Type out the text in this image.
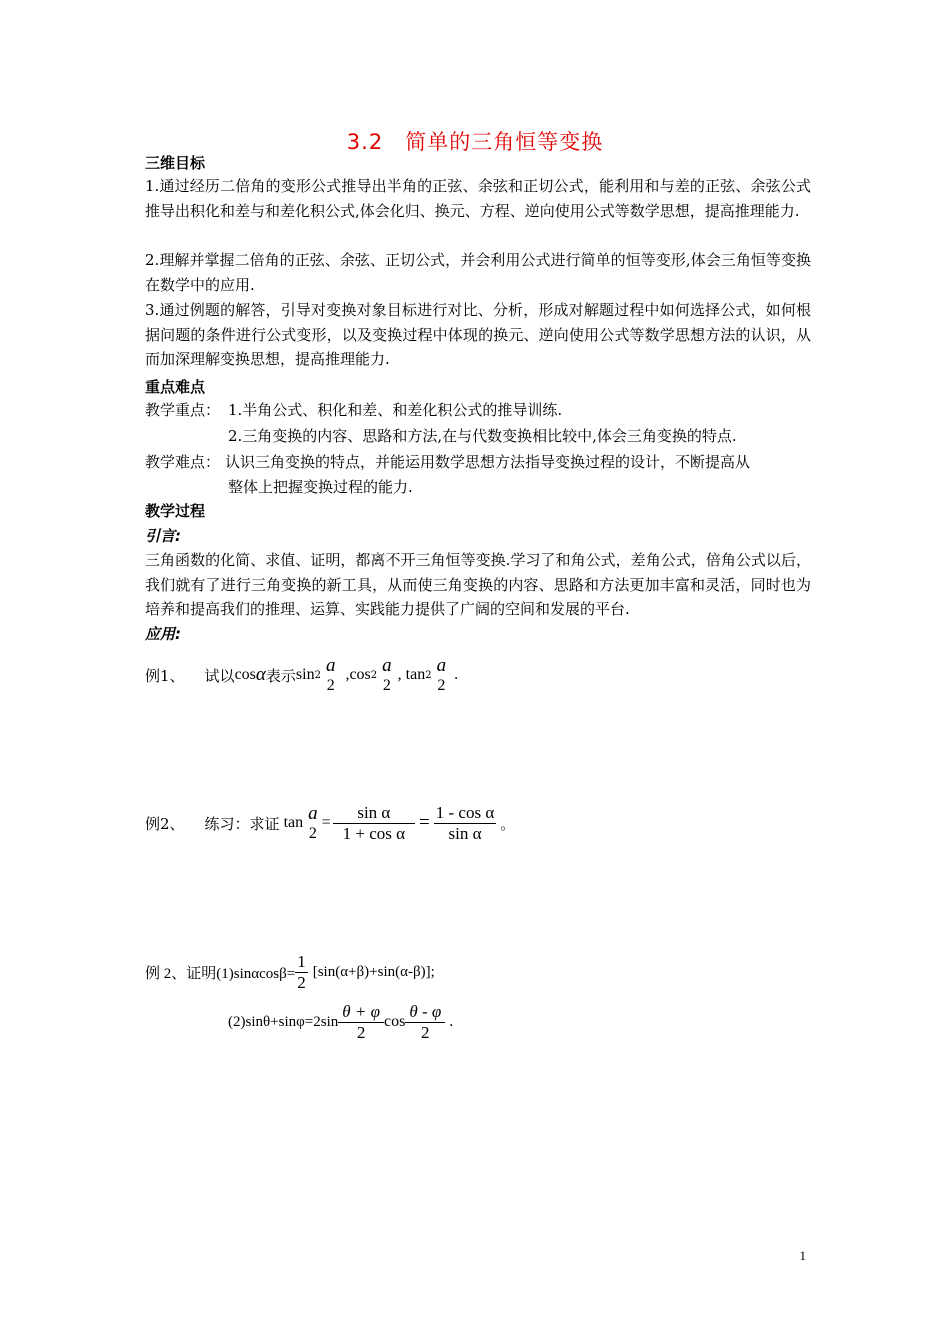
3.2　简单的三角恒等变换
三维目标
1.通过经历二倍角的变形公式推导出半角的正弦、余弦和正切公式，能利用和与差的正弦、余弦公式推导出积化和差与和差化积公式,体会化归、换元、方程、逆向使用公式等数学思想，提高推理能力.
2.理解并掌握二倍角的正弦、余弦、正切公式，并会利用公式进行简单的恒等变形,体会三角恒等变换在数学中的应用.
3.通过例题的解答，引导对变换对象目标进行对比、分析，形成对解题过程中如何选择公式，如何根据问题的条件进行公式变形，以及变换过程中体现的换元、逆向使用公式等数学思想方法的认识，从而加深理解变换思想，提高推理能力.
重点难点
教学重点： 1.半角公式、积化和差、和差化积公式的推导训练.
2.三角变换的内容、思路和方法,在与代数变换相比较中,体会三角变换的特点.
教学难点： 认识三角变换的特点，并能运用数学思想方法指导变换过程的设计，不断提高从
整体上把握变换过程的能力.
教学过程
引言:
三角函数的化简、求值、证明，都离不开三角恒等变换.学习了和角公式，差角公式，倍角公式以后，我们就有了进行三角变换的新工具，从而使三角变换的内容、思路和方法更加丰富和灵活，同时也为培养和提高我们的推理、运算、实践能力提供了广阔的空间和发展的平台.
应用:
例1、 试以 cos α 表示 sin 2 a
2
,cos 2 a
2
, tan 2 a
2
.
例2、 练习：求证 tan a
2
= $\frac{\text{sin α}}{\text{1 + cos α}} = \frac{\text{1 - cos α}}{\text{sin α}}$ 。
例 2、证明$(1)\sin\alpha\cos\beta= \frac{1}{2} [\sin(\alpha+\beta)+\sin(\alpha-\beta)]$;
$(2)\sin\theta+\sin\varphi=2\sin \frac{\theta + \varphi}{2}$ $\cos \frac{\theta - \varphi}{2}$ .
1
